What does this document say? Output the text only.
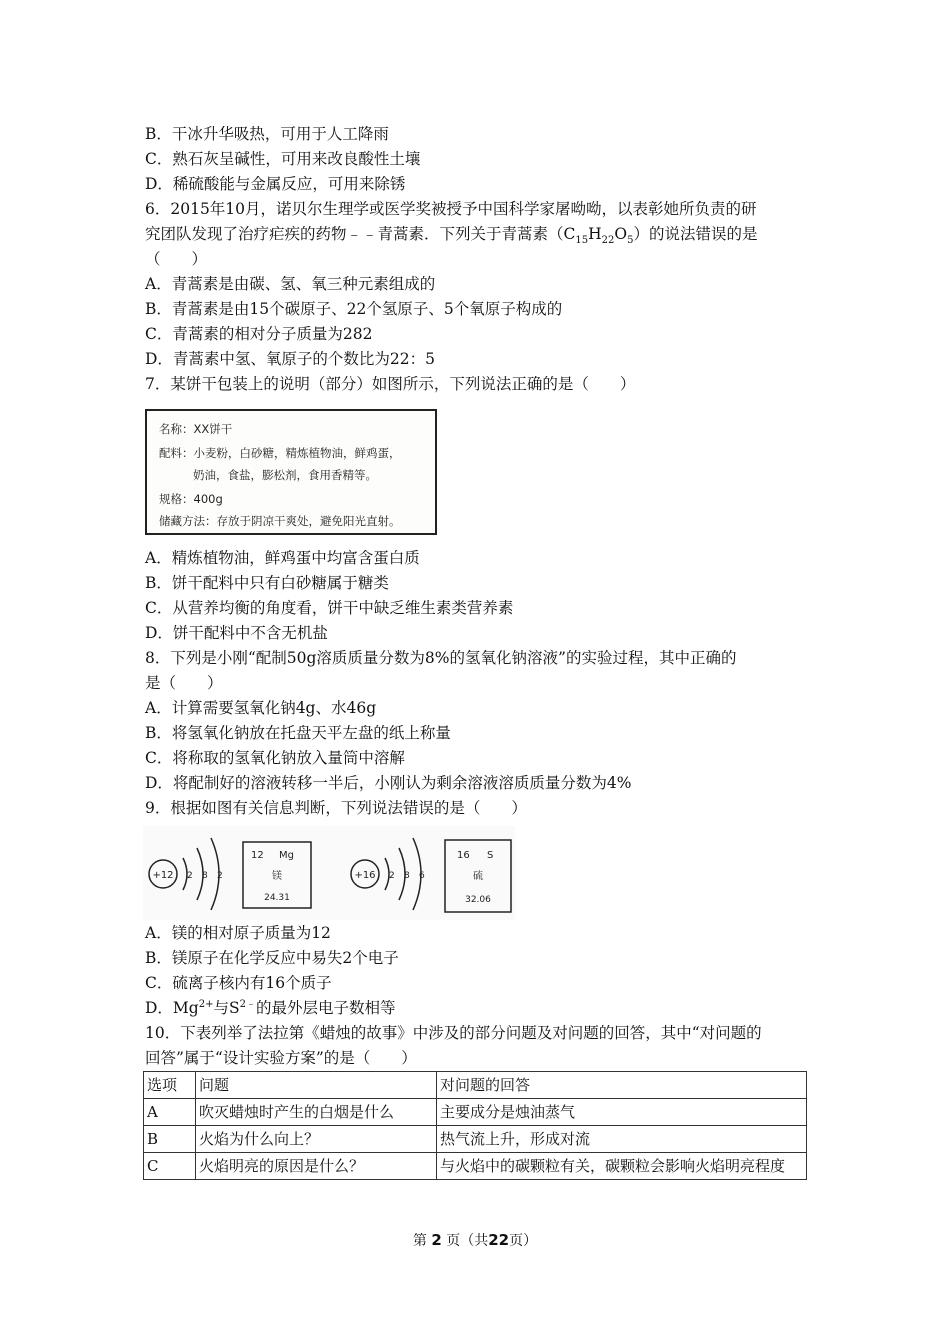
B．干冰升华吸热，可用于人工降雨
C．熟石灰呈碱性，可用来改良酸性土壤
D．稀硫酸能与金属反应，可用来除锈
6．2015年10月，诺贝尔生理学或医学奖被授予中国科学家屠呦呦，以表彰她所负责的研
究团队发现了治疗疟疾的药物﹣﹣青蒿素．下列关于青蒿素$(C_{15}H_{22}O_5)$的说法错误的是
（　　）
A．青蒿素是由碳、氢、氧三种元素组成的
B．青蒿素是由15个碳原子、22个氢原子、5个氧原子构成的
C．青蒿素的相对分子质量为282
D．青蒿素中氢、氧原子的个数比为22：5
7．某饼干包装上的说明（部分）如图所示，下列说法正确的是（　　）
名称：XX饼干
配料：小麦粉，白砂糖，精炼植物油，鲜鸡蛋，
奶油，食盐，膨松剂，食用香精等。
规格：400g
储藏方法：存放于阴凉干爽处，避免阳光直射。
A．精炼植物油，鲜鸡蛋中均富含蛋白质
B．饼干配料中只有白砂糖属于糖类
C．从营养均衡的角度看，饼干中缺乏维生素类营养素
D．饼干配料中不含无机盐
8．下列是小刚“配制50g溶质质量分数为8%的氢氧化钠溶液”的实验过程，其中正确的
是（　　）
A．计算需要氢氧化钠4g、水46g
B．将氢氧化钠放在托盘天平左盘的纸上称量
C．将称取的氢氧化钠放入量筒中溶解
D．将配制好的溶液转移一半后，小刚认为剩余溶液溶质质量分数为4%
9．根据如图有关信息判断，下列说法错误的是（　　）
+12 2 8 2
12 Mg
镁
24.31
+16 2 8 6
16 S
硫
32.06
A．镁的相对原子质量为12
B．镁原子在化学反应中易失2个电子
C．硫离子核内有16个质子
D．$Mg^{2+}$与$S^{2﹣}$的最外层电子数相等
10．下表列举了法拉第《蜡烛的故事》中涉及的部分问题及对问题的回答，其中“对问题的
回答”属于“设计实验方案”的是（　　）
选项	问题	对问题的回答
A	吹灭蜡烛时产生的白烟是什么	主要成分是烛油蒸气
B	火焰为什么向上？	热气流上升，形成对流
C	火焰明亮的原因是什么？	与火焰中的碳颗粒有关，碳颗粒会影响火焰明亮程度
第 2 页（共22页）
